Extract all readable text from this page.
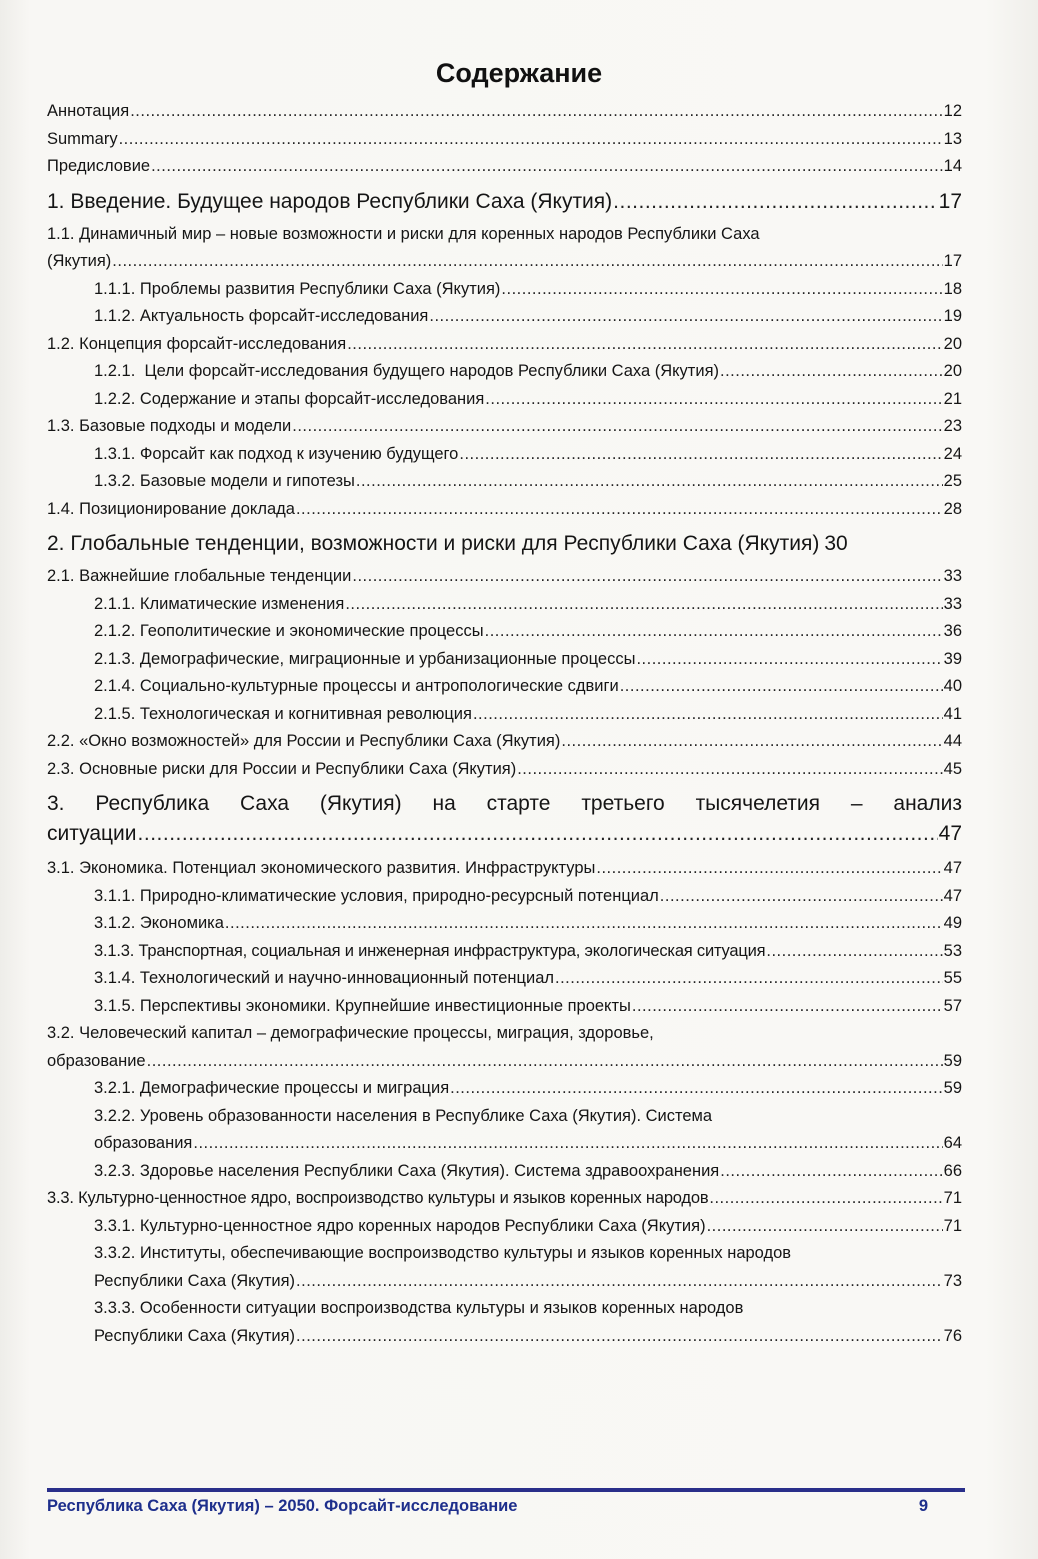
Содержание
Аннотация .....	12
Summary .....	13
Предисловие .....	14
1. Введение. Будущее народов Республики Саха (Якутия) .....	17
1.1. Динамичный мир – новые возможности и риски для коренных народов Республики Саха
(Якутия) .....	17
1.1.1. Проблемы развития Республики Саха (Якутия) .....	18
1.1.2. Актуальность форсайт-исследования .....	19
1.2. Концепция форсайт-исследования .....	20
1.2.1.  Цели форсайт-исследования будущего народов Республики Саха (Якутия) .....	20
1.2.2. Содержание и этапы форсайт-исследования .....	21
1.3. Базовые подходы и модели .....	23
1.3.1. Форсайт как подход к изучению будущего .....	24
1.3.2. Базовые модели и гипотезы .....	25
1.4. Позиционирование доклада .....	28
2. Глобальные тенденции, возможности и риски для Республики Саха (Якутия) 30
2.1. Важнейшие глобальные тенденции .....	33
2.1.1. Климатические изменения .....	33
2.1.2. Геополитические и экономические процессы .....	36
2.1.3. Демографические, миграционные и урбанизационные процессы .....	39
2.1.4. Социально-культурные процессы и антропологические сдвиги .....	40
2.1.5. Технологическая и когнитивная революция .....	41
2.2. «Окно возможностей» для России и Республики Саха (Якутия) .....	44
2.3. Основные риски для России и Республики Саха (Якутия) .....	45
3. Республика Саха (Якутия) на старте третьего тысячелетия – анализ
ситуации .....	47
3.1. Экономика. Потенциал экономического развития. Инфраструктуры .....	47
3.1.1. Природно-климатические условия, природно-ресурсный потенциал .....	47
3.1.2. Экономика .....	49
3.1.3. Транспортная, социальная и инженерная инфраструктура, экологическая ситуация .....	53
3.1.4. Технологический и научно-инновационный потенциал .....	55
3.1.5. Перспективы экономики. Крупнейшие инвестиционные проекты .....	57
3.2. Человеческий капитал – демографические процессы, миграция, здоровье,
образование .....	59
3.2.1. Демографические процессы и миграция .....	59
3.2.2. Уровень образованности населения в Республике Саха (Якутия). Система
образования .....	64
3.2.3. Здоровье населения Республики Саха (Якутия). Система здравоохранения .....	66
3.3. Культурно-ценностное ядро, воспроизводство культуры и языков коренных народов .....	71
3.3.1. Культурно-ценностное ядро коренных народов Республики Саха (Якутия) .....	71
3.3.2. Институты, обеспечивающие воспроизводство культуры и языков коренных народов
Республики Саха (Якутия) .....	73
3.3.3. Особенности ситуации воспроизводства культуры и языков коренных народов
Республики Саха (Якутия) .....	76
Республика Саха (Якутия) – 2050. Форсайт-исследование	9
